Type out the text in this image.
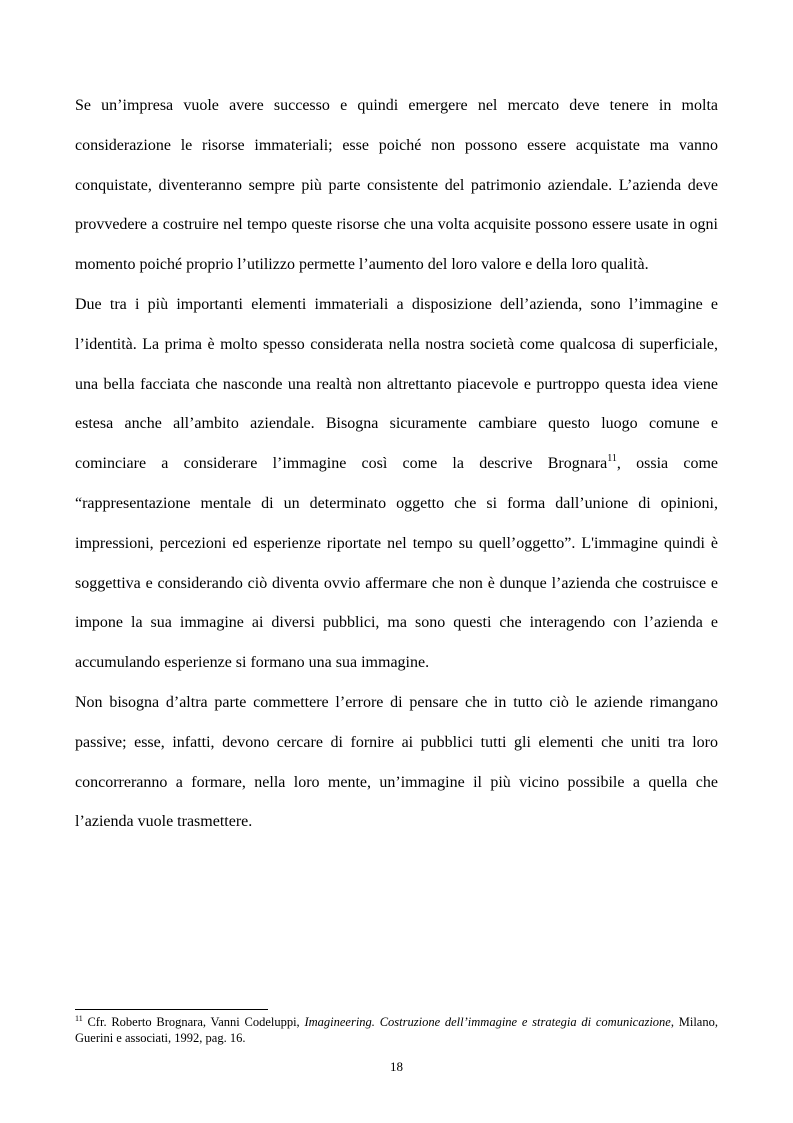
Se un’impresa vuole avere successo e quindi emergere nel mercato deve tenere in molta considerazione le risorse immateriali; esse poiché non possono essere acquistate ma vanno conquistate, diventeranno sempre più parte consistente del patrimonio aziendale. L’azienda deve provvedere a costruire nel tempo queste risorse che una volta acquisite possono essere usate in ogni momento poiché proprio l’utilizzo permette l’aumento del loro valore e della loro qualità.

Due tra i più importanti elementi immateriali a disposizione dell’azienda, sono l’immagine e l’identità. La prima è molto spesso considerata nella nostra società come qualcosa di superficiale, una bella facciata che nasconde una realtà non altrettanto piacevole e purtroppo questa idea viene estesa anche all’ambito aziendale. Bisogna sicuramente cambiare questo luogo comune e cominciare a considerare l’immagine così come la descrive Brognara$^{11}$, ossia come “rappresentazione mentale di un determinato oggetto che si forma dall’unione di opinioni, impressioni, percezioni ed esperienze riportate nel tempo su quell’oggetto”. L'immagine quindi è soggettiva e considerando ciò diventa ovvio affermare che non è dunque l’azienda che costruisce e impone la sua immagine ai diversi pubblici, ma sono questi che interagendo con l’azienda e accumulando esperienze si formano una sua immagine.

Non bisogna d’altra parte commettere l’errore di pensare che in tutto ciò le aziende rimangano passive; esse, infatti, devono cercare di fornire ai pubblici tutti gli elementi che uniti tra loro concorreranno a formare, nella loro mente, un’immagine il più vicino possibile a quella che l’azienda vuole trasmettere.

$^{11}$ Cfr. Roberto Brognara, Vanni Codeluppi, Imagineering. Costruzione dell’immagine e strategia di comunicazione, Milano, Guerini e associati, 1992, pag. 16.
18
